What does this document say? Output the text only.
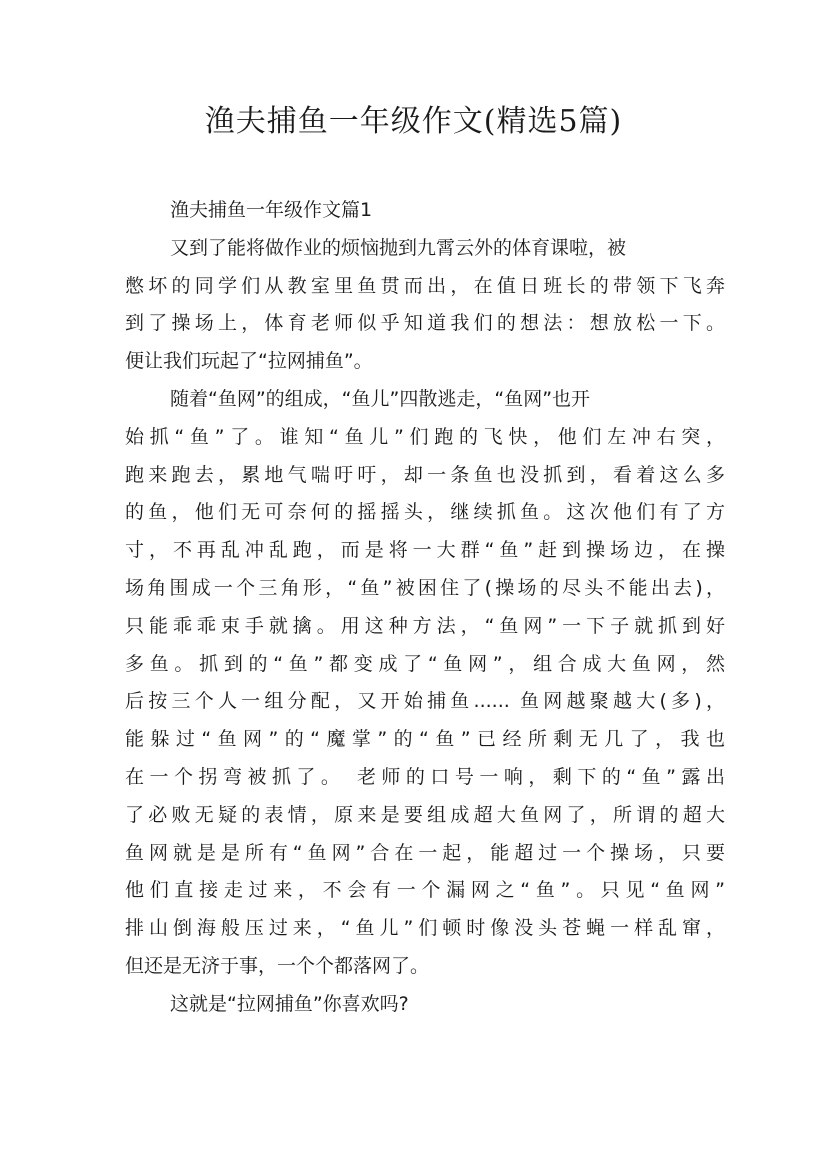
渔夫捕鱼一年级作文(精选5篇)
渔夫捕鱼一年级作文篇1
又到了能将做作业的烦恼抛到九霄云外的体育课啦，被
憋坏的同学们从教室里鱼贯而出，在值日班长的带领下飞奔
到了操场上，体育老师似乎知道我们的想法：想放松一下。
便让我们玩起了“拉网捕鱼”。
随着“鱼网”的组成，“鱼儿”四散逃走，“鱼网”也开
始抓“鱼”了。谁知“鱼儿”们跑的飞快，他们左冲右突，
跑来跑去，累地气喘吁吁，却一条鱼也没抓到，看着这么多
的鱼，他们无可奈何的摇摇头，继续抓鱼。这次他们有了方
寸，不再乱冲乱跑，而是将一大群“鱼”赶到操场边，在操
场角围成一个三角形，“鱼”被困住了(操场的尽头不能出去)，
只能乖乖束手就擒。用这种方法，“鱼网”一下子就抓到好
多鱼。抓到的“鱼”都变成了“鱼网”，组合成大鱼网，然
后按三个人一组分配，又开始捕鱼...... 鱼网越聚越大(多)，
能躲过“鱼网”的“魔掌”的“鱼”已经所剩无几了，我也
在一个拐弯被抓了。 老师的口号一响，剩下的“鱼”露出
了必败无疑的表情，原来是要组成超大鱼网了，所谓的超大
鱼网就是是所有“鱼网”合在一起，能超过一个操场，只要
他们直接走过来，不会有一个漏网之“鱼”。只见“鱼网”
排山倒海般压过来，“鱼儿”们顿时像没头苍蝇一样乱窜，
但还是无济于事，一个个都落网了。
这就是“拉网捕鱼”你喜欢吗?
